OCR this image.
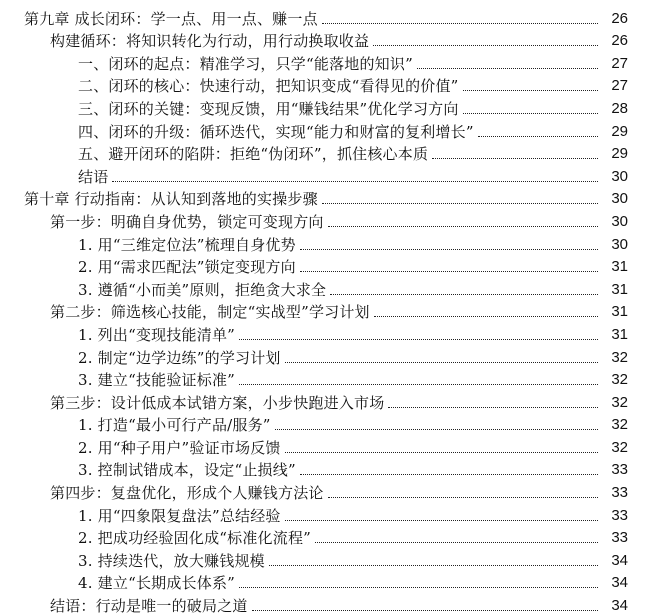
第九章 成长闭环：学一点、用一点、赚一点	26
构建循环：将知识转化为行动，用行动换取收益	26
一、闭环的起点：精准学习，只学“能落地的知识”	27
二、闭环的核心：快速行动，把知识变成“看得见的价值”	27
三、闭环的关键：变现反馈，用“赚钱结果”优化学习方向	28
四、闭环的升级：循环迭代，实现“能力和财富的复利增长”	29
五、避开闭环的陷阱：拒绝“伪闭环”，抓住核心本质	29
结语	30
第十章 行动指南：从认知到落地的实操步骤	30
第一步：明确自身优势，锁定可变现方向	30
1. 用“三维定位法”梳理自身优势	30
2. 用“需求匹配法”锁定变现方向	31
3. 遵循“小而美”原则，拒绝贪大求全	31
第二步：筛选核心技能，制定“实战型”学习计划	31
1. 列出“变现技能清单”	31
2. 制定“边学边练”的学习计划	32
3. 建立“技能验证标准”	32
第三步：设计低成本试错方案，小步快跑进入市场	32
1. 打造“最小可行产品/服务”	32
2. 用“种子用户”验证市场反馈	32
3. 控制试错成本，设定“止损线”	33
第四步：复盘优化，形成个人赚钱方法论	33
1. 用“四象限复盘法”总结经验	33
2. 把成功经验固化成“标准化流程”	33
3. 持续迭代，放大赚钱规模	34
4. 建立“长期成长体系”	34
结语：行动是唯一的破局之道	34
